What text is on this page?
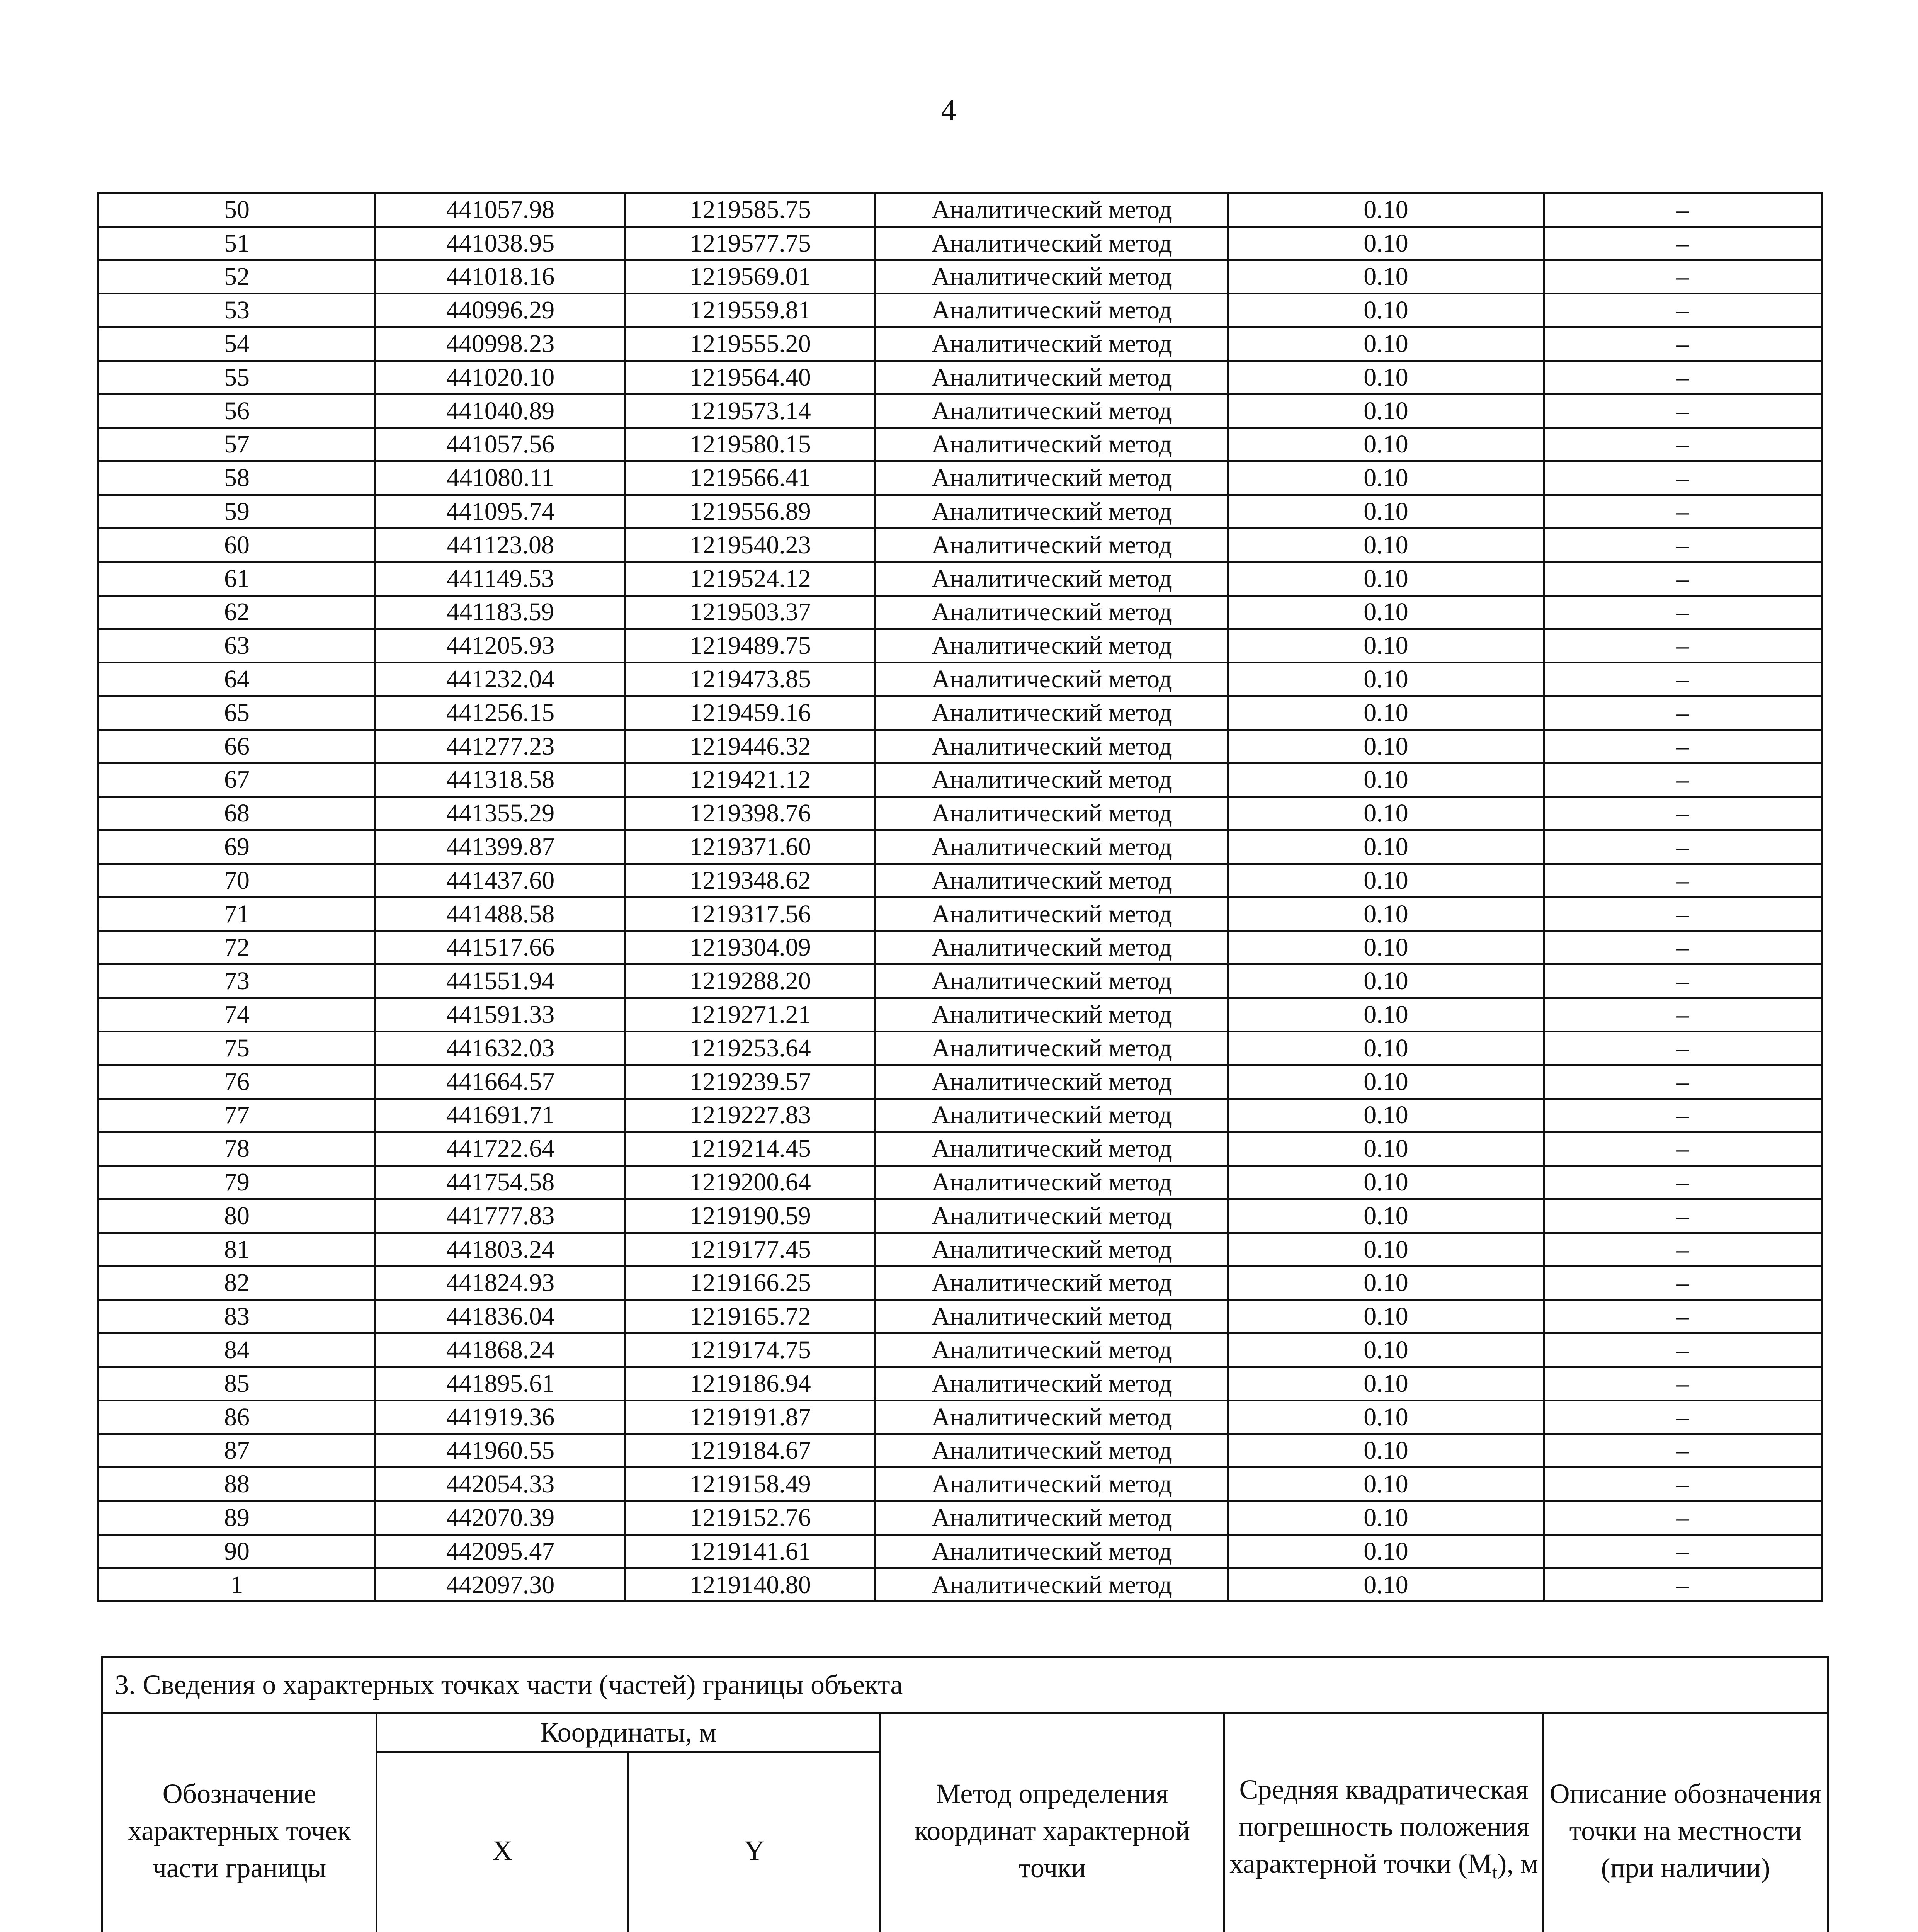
4
50	441057.98	1219585.75	Аналитический метод	0.10	–
51	441038.95	1219577.75	Аналитический метод	0.10	–
52	441018.16	1219569.01	Аналитический метод	0.10	–
53	440996.29	1219559.81	Аналитический метод	0.10	–
54	440998.23	1219555.20	Аналитический метод	0.10	–
55	441020.10	1219564.40	Аналитический метод	0.10	–
56	441040.89	1219573.14	Аналитический метод	0.10	–
57	441057.56	1219580.15	Аналитический метод	0.10	–
58	441080.11	1219566.41	Аналитический метод	0.10	–
59	441095.74	1219556.89	Аналитический метод	0.10	–
60	441123.08	1219540.23	Аналитический метод	0.10	–
61	441149.53	1219524.12	Аналитический метод	0.10	–
62	441183.59	1219503.37	Аналитический метод	0.10	–
63	441205.93	1219489.75	Аналитический метод	0.10	–
64	441232.04	1219473.85	Аналитический метод	0.10	–
65	441256.15	1219459.16	Аналитический метод	0.10	–
66	441277.23	1219446.32	Аналитический метод	0.10	–
67	441318.58	1219421.12	Аналитический метод	0.10	–
68	441355.29	1219398.76	Аналитический метод	0.10	–
69	441399.87	1219371.60	Аналитический метод	0.10	–
70	441437.60	1219348.62	Аналитический метод	0.10	–
71	441488.58	1219317.56	Аналитический метод	0.10	–
72	441517.66	1219304.09	Аналитический метод	0.10	–
73	441551.94	1219288.20	Аналитический метод	0.10	–
74	441591.33	1219271.21	Аналитический метод	0.10	–
75	441632.03	1219253.64	Аналитический метод	0.10	–
76	441664.57	1219239.57	Аналитический метод	0.10	–
77	441691.71	1219227.83	Аналитический метод	0.10	–
78	441722.64	1219214.45	Аналитический метод	0.10	–
79	441754.58	1219200.64	Аналитический метод	0.10	–
80	441777.83	1219190.59	Аналитический метод	0.10	–
81	441803.24	1219177.45	Аналитический метод	0.10	–
82	441824.93	1219166.25	Аналитический метод	0.10	–
83	441836.04	1219165.72	Аналитический метод	0.10	–
84	441868.24	1219174.75	Аналитический метод	0.10	–
85	441895.61	1219186.94	Аналитический метод	0.10	–
86	441919.36	1219191.87	Аналитический метод	0.10	–
87	441960.55	1219184.67	Аналитический метод	0.10	–
88	442054.33	1219158.49	Аналитический метод	0.10	–
89	442070.39	1219152.76	Аналитический метод	0.10	–
90	442095.47	1219141.61	Аналитический метод	0.10	–
1	442097.30	1219140.80	Аналитический метод	0.10	–
3. Сведения о характерных точках части (частей) границы объекта					
Обозначение характерных точек части границы	Координаты, м		Метод определения координат характерной точки	Средняя квадратическая погрешность положения характерной точки $(M_t)$, м	Описание обозначения точки на местности (при наличии)
	X	Y			
